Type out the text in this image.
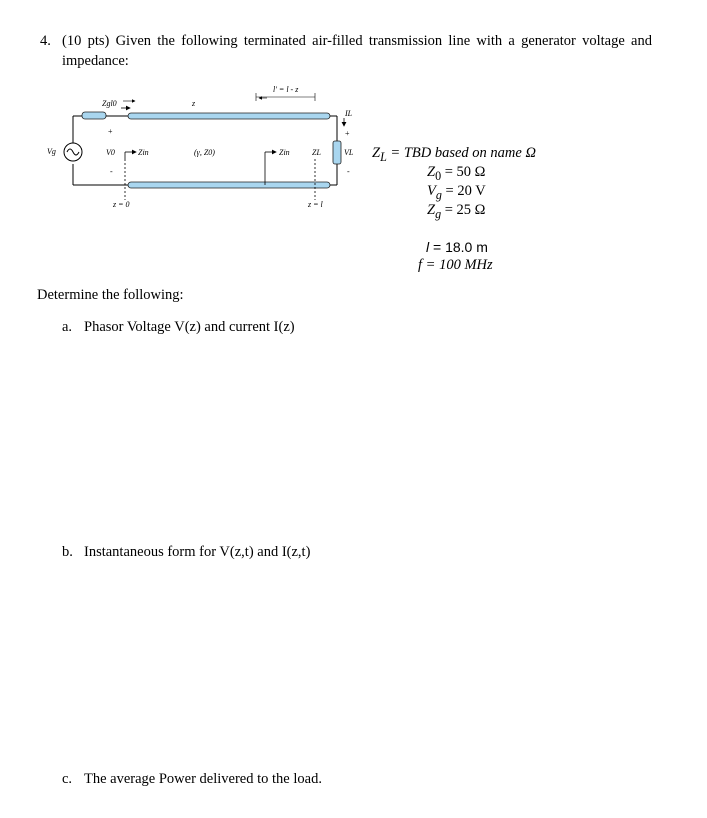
4. (10 pts) Given the following terminated air-filled transmission line with a generator voltage and impedance:
Vg
Zgl0
+
V0
-
Zin	(γ, Z0)
z
l' = l - z
Zin	ZL
IL
+
VL
-
z = 0	z = l
$Z_L$ = TBD based on name Ω
$Z_0 = 50$ Ω
$V_g = 20$ V
$Z_g = 25$ Ω
l = 18.0 m
f = 100 MHz
Determine the following:
a. Phasor Voltage V(z) and current I(z)
b. Instantaneous form for V(z,t) and I(z,t)
c. The average Power delivered to the load.
